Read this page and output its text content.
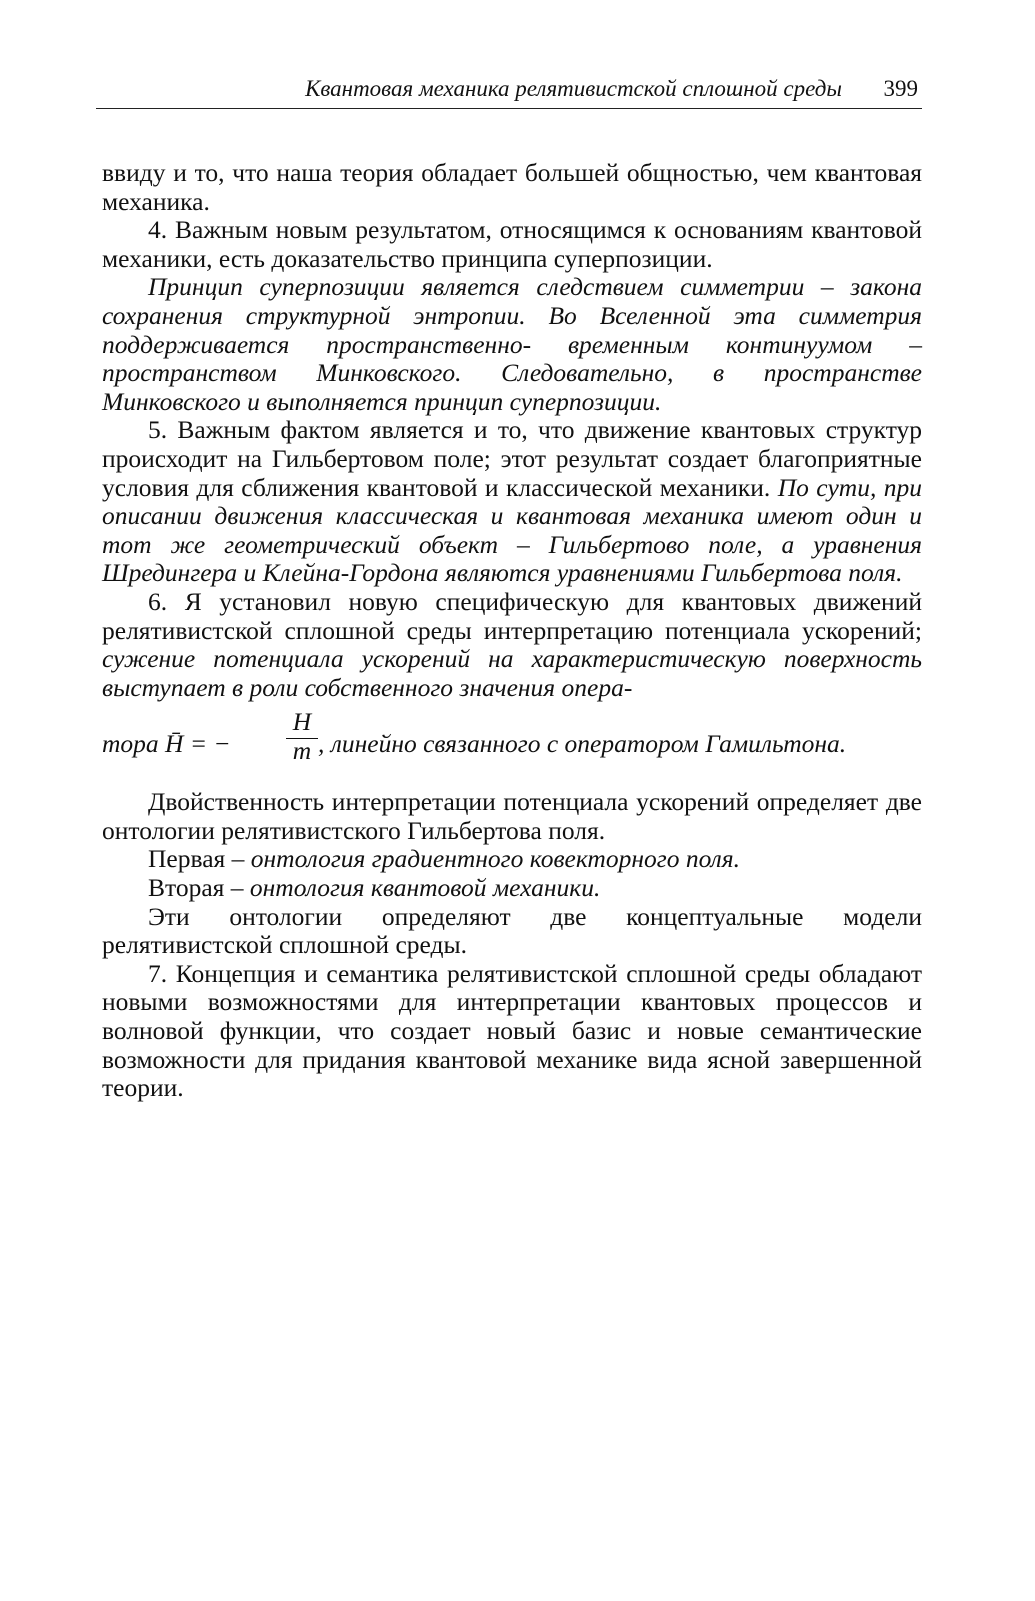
Квантовая механика релятивистской сплошной среды 399

ввиду и то, что наша теория обладает большей общностью, чем квантовая механика.

4. Важным новым результатом, относящимся к основаниям квантовой механики, есть доказательство принципа суперпозиции.

Принцип суперпозиции является следствием симметрии – закона сохранения структурной энтропии. Во Вселенной эта симметрия поддерживается пространственно- временным континуумом – пространством Минковского. Следовательно, в пространстве Минковского и выполняется принцип суперпозиции.

5. Важным фактом является и то, что движение квантовых структур происходит на Гильбертовом поле; этот результат создает благоприятные условия для сближения квантовой и классической механики. По сути, при описании движения классическая и квантовая механика имеют один и тот же геометрический объект – Гильбертово поле, а уравнения Шредингера и Клейна-Гордона являются уравнениями Гильбертова поля.

6. Я установил новую специфическую для квантовых движений релятивистской сплошной среды интерпретацию потенциала ускорений; сужение потенциала ускорений на характеристическую поверхность выступает в роли собственного значения опера-

тора H̄ = −
H
m , линейно связанного с оператором Гамильтона.

Двойственность интерпретации потенциала ускорений определяет две онтологии релятивистского Гильбертова поля.

Первая – онтология градиентного ковекторного поля.

Вторая – онтология квантовой механики.

Эти онтологии определяют две концептуальные модели релятивистской сплошной среды.

7. Концепция и семантика релятивистской сплошной среды обладают новыми возможностями для интерпретации квантовых процессов и волновой функции, что создает новый базис и новые семантические возможности для придания квантовой механике вида ясной завершенной теории.
